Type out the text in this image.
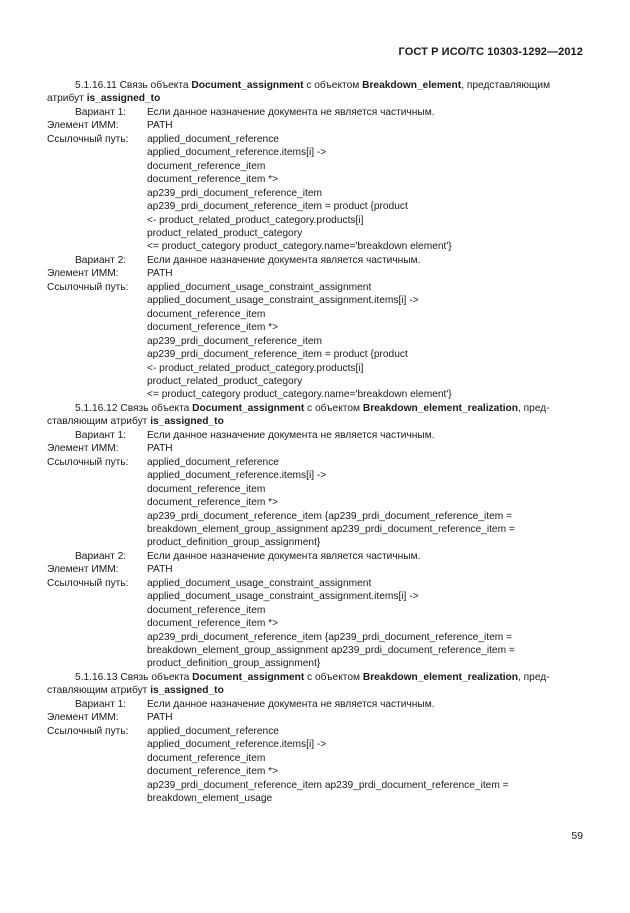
ГОСТ Р ИСО/ТС 10303-1292—2012
5.1.16.11 Связь объекта Document_assignment с объектом Breakdown_element, представляющим
атрибут is_assigned_to
Вариант 1: Если данное назначение документа не является частичным.
Элемент ИММ:	PATH
Ссылочный путь: applied_document_reference
applied_document_reference.items[i] ->
document_reference_item
document_reference_item *>
ap239_prdi_document_reference_item
ap239_prdi_document_reference_item = product {product
<- product_related_product_category.products[i]
product_related_product_category
<= product_category product_category.name='breakdown element'}
Вариант 2: Если данное назначение документа является частичным.
Элемент ИММ:	PATH
Ссылочный путь: applied_document_usage_constraint_assignment
applied_document_usage_constraint_assignment.items[i] ->
document_reference_item
document_reference_item *>
ap239_prdi_document_reference_item
ap239_prdi_document_reference_item = product {product
<- product_related_product_category.products[i]
product_related_product_category
<= product_category product_category.name='breakdown element'}
5.1.16.12 Связь объекта Document_assignment с объектом Breakdown_element_realization, пред-
ставляющим атрибут is_assigned_to
Вариант 1: Если данное назначение документа не является частичным.
Элемент ИММ:	PATH
Ссылочный путь: applied_document_reference
applied_document_reference.items[i] ->
document_reference_item
document_reference_item *>
ap239_prdi_document_reference_item {ap239_prdi_document_reference_item =
breakdown_element_group_assignment ap239_prdi_document_reference_item =
product_definition_group_assignment}
Вариант 2: Если данное назначение документа является частичным.
Элемент ИММ:	PATH
Ссылочный путь: applied_document_usage_constraint_assignment
applied_document_usage_constraint_assignment.items[i] ->
document_reference_item
document_reference_item *>
ap239_prdi_document_reference_item {ap239_prdi_document_reference_item =
breakdown_element_group_assignment ap239_prdi_document_reference_item =
product_definition_group_assignment}
5.1.16.13 Связь объекта Document_assignment с объектом Breakdown_element_realization, пред-
ставляющим атрибут is_assigned_to
Вариант 1: Если данное назначение документа не является частичным.
Элемент ИММ:	PATH
Ссылочный путь: applied_document_reference
applied_document_reference.items[i] ->
document_reference_item
document_reference_item *>
ap239_prdi_document_reference_item ap239_prdi_document_reference_item =
breakdown_element_usage
59
